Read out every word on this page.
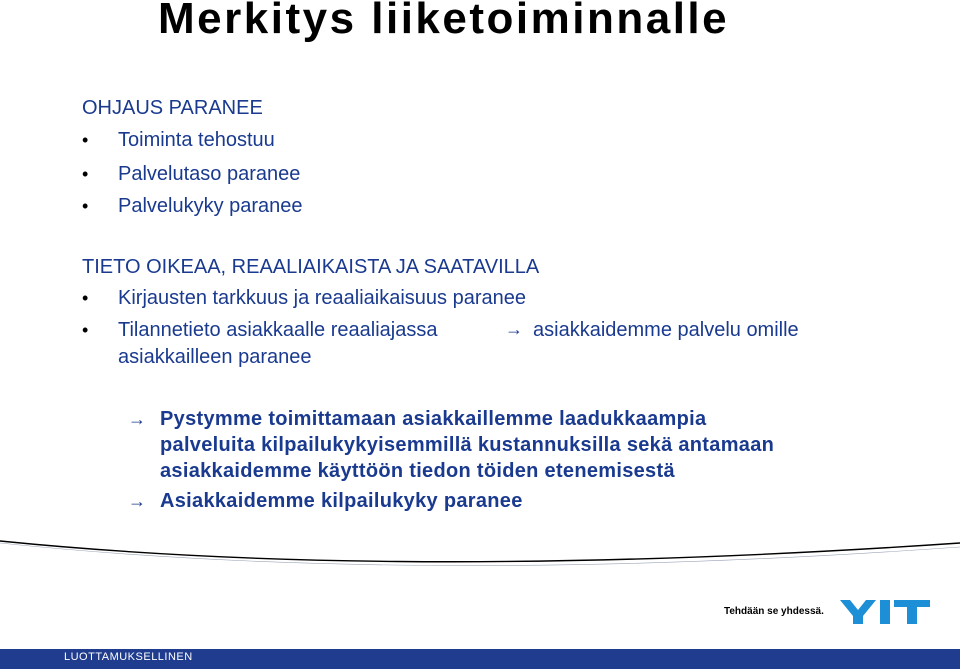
Merkitys liiketoiminnalle
OHJAUS PARANEE
• Toiminta tehostuu
• Palvelutaso paranee
• Palvelukyky paranee
TIETO OIKEAA, REAALIAIKAISTA JA SAATAVILLA
• Kirjausten tarkkuus ja reaaliaikaisuus paranee
• Tilannetieto asiakkaalle reaaliajassa	→ asiakkaidemme palvelu omille
asiakkailleen paranee
→ Pystymme toimittamaan asiakkaillemme laadukkaampia
palveluita kilpailukykyisemmillä kustannuksilla sekä antamaan
asiakkaidemme käyttöön tiedon töiden etenemisestä
→ Asiakkaidemme kilpailukyky paranee
Tehdään se yhdessä.
LUOTTAMUKSELLINEN
